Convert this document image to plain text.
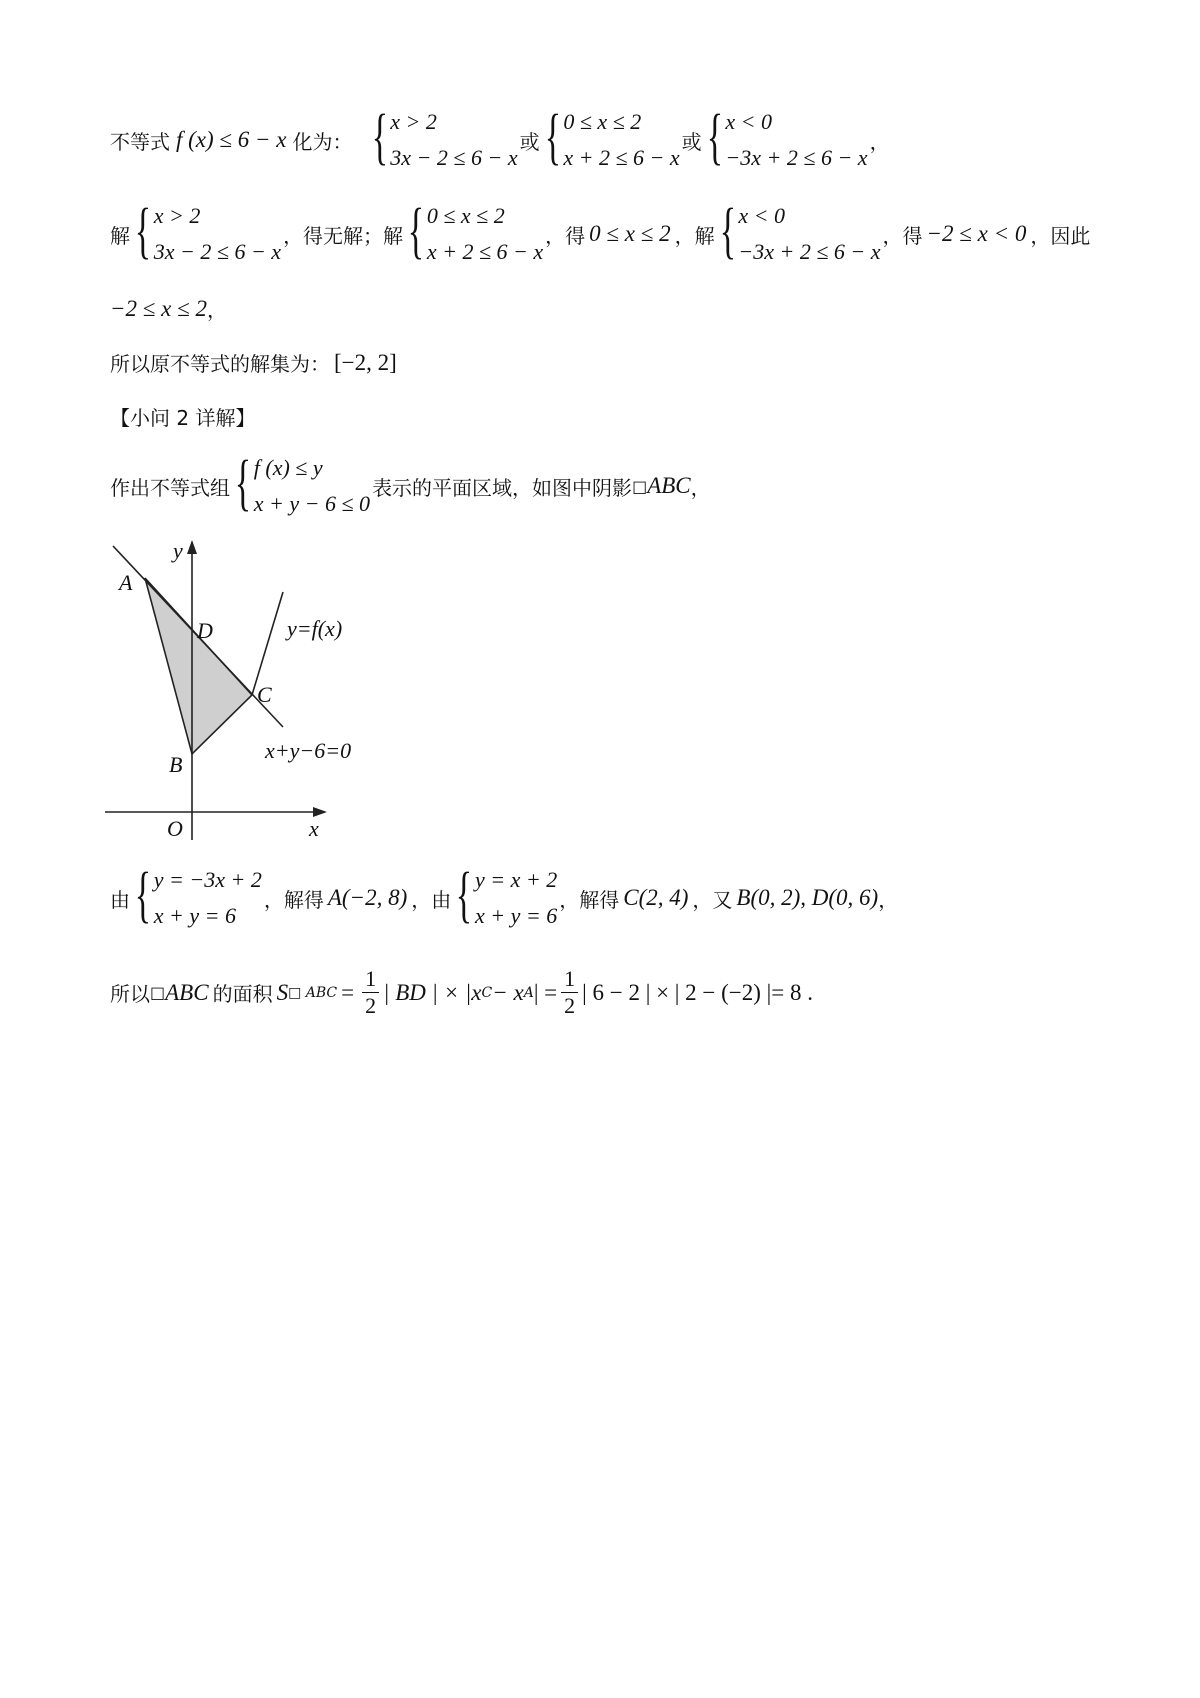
不等式 f (x) ≤ 6 − x 化为： { x > 2
3x − 2 ≤ 6 − x
或 { 0 ≤ x ≤ 2
x + 2 ≤ 6 − x
或 { x < 0
−3x + 2 ≤ 6 − x
，
解 { x > 2
3x − 2 ≤ 6 − x
，得无解；解 { 0 ≤ x ≤ 2
x + 2 ≤ 6 − x
，得 0 ≤ x ≤ 2 ，解 { x < 0
−3x + 2 ≤ 6 − x
，得 −2 ≤ x < 0 ，因此
−2 ≤ x ≤ 2 ，
所以原不等式的解集为： [−2, 2]
【小问 2 详解】
作出不等式组 { f (x) ≤ y
x + y − 6 ≤ 0
表示的平面区域，如图中阴影 □ ABC ，
y
x
O
A
B
C
D	y=f(x)
x+y−6=0
由 { y = −3x + 2
x + y = 6
，解得 A(−2, 8) ，由 { y = x + 2
x + y = 6
，解得 C(2, 4) ，又 B(0, 2), D(0, 6) ，
所以 □ ABC 的面积 S □ ABC = $\frac{1}{2}$ | BD | × |x C − x A | = $\frac{1}{2}$ | 6 − 2 | × | 2 − (−2) |= 8 .
